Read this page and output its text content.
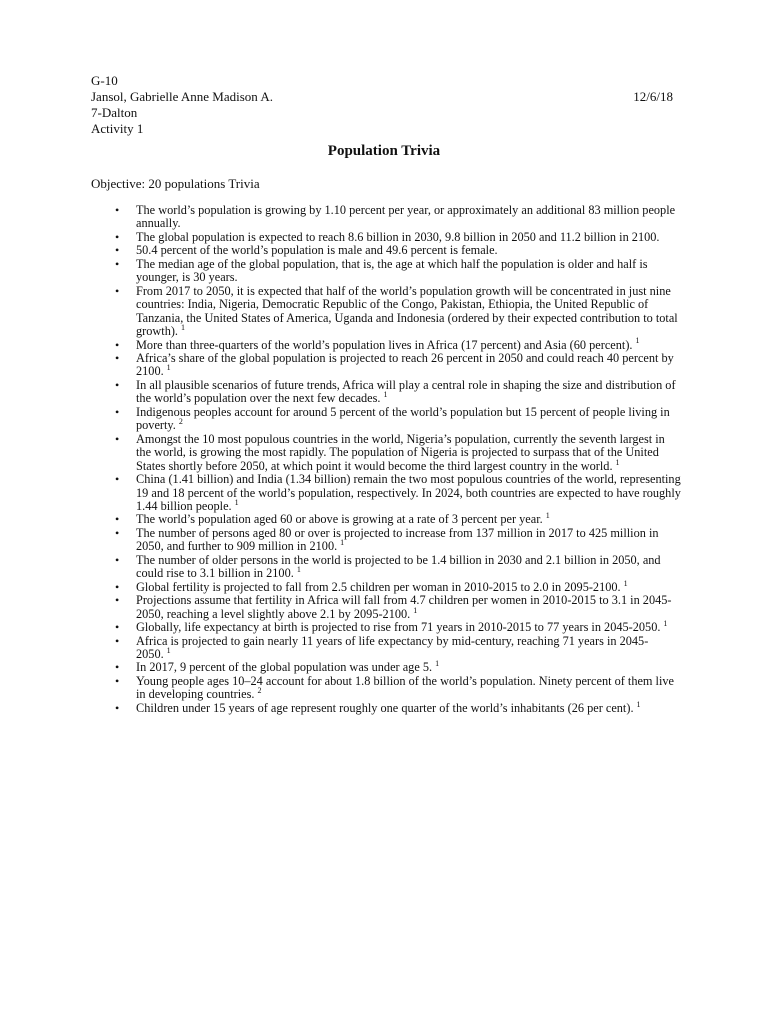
G-10
Jansol, Gabrielle Anne Madison A.	12/6/18
7-Dalton
Activity 1
Population Trivia
Objective: 20 populations Trivia
•	The world’s population is growing by 1.10 percent per year, or approximately an additional 83 million people annually.
•	The global population is expected to reach 8.6 billion in 2030, 9.8 billion in 2050 and 11.2 billion in 2100.
•	50.4 percent of the world’s population is male and 49.6 percent is female.
•	The median age of the global population, that is, the age at which half the population is older and half is younger, is 30 years.
•	From 2017 to 2050, it is expected that half of the world’s population growth will be concentrated in just nine countries: India, Nigeria, Democratic Republic of the Congo, Pakistan, Ethiopia, the United Republic of Tanzania, the United States of America, Uganda and Indonesia (ordered by their expected contribution to total growth). $^1$
•	More than three-quarters of the world’s population lives in Africa (17 percent) and Asia (60 percent). $^1$
•	Africa’s share of the global population is projected to reach 26 percent in 2050 and could reach 40 percent by 2100. $^1$
•	In all plausible scenarios of future trends, Africa will play a central role in shaping the size and distribution of the world’s population over the next few decades. $^1$
•	Indigenous peoples account for around 5 percent of the world’s population but 15 percent of people living in poverty. $^2$
•	Amongst the 10 most populous countries in the world, Nigeria’s population, currently the seventh largest in the world, is growing the most rapidly. The population of Nigeria is projected to surpass that of the United States shortly before 2050, at which point it would become the third largest country in the world. $^1$
•	China (1.41 billion) and India (1.34 billion) remain the two most populous countries of the world, representing 19 and 18 percent of the world’s population, respectively. In 2024, both countries are expected to have roughly 1.44 billion people. $^1$
•	The world’s population aged 60 or above is growing at a rate of 3 percent per year. $^1$
•	The number of persons aged 80 or over is projected to increase from 137 million in 2017 to 425 million in 2050, and further to 909 million in 2100. $^1$
•	The number of older persons in the world is projected to be 1.4 billion in 2030 and 2.1 billion in 2050, and could rise to 3.1 billion in 2100. $^1$
•	Global fertility is projected to fall from 2.5 children per woman in 2010-2015 to 2.0 in 2095-2100. $^1$
•	Projections assume that fertility in Africa will fall from 4.7 children per women in 2010-2015 to 3.1 in 2045-2050, reaching a level slightly above 2.1 by 2095-2100. $^1$
•	Globally, life expectancy at birth is projected to rise from 71 years in 2010-2015 to 77 years in 2045-2050. $^1$
•	Africa is projected to gain nearly 11 years of life expectancy by mid-century, reaching 71 years in 2045-2050. $^1$
•	In 2017, 9 percent of the global population was under age 5. $^1$
•	Young people ages 10–24 account for about 1.8 billion of the world’s population. Ninety percent of them live in developing countries. $^2$
•	Children under 15 years of age represent roughly one quarter of the world’s inhabitants (26 per cent). $^1$
